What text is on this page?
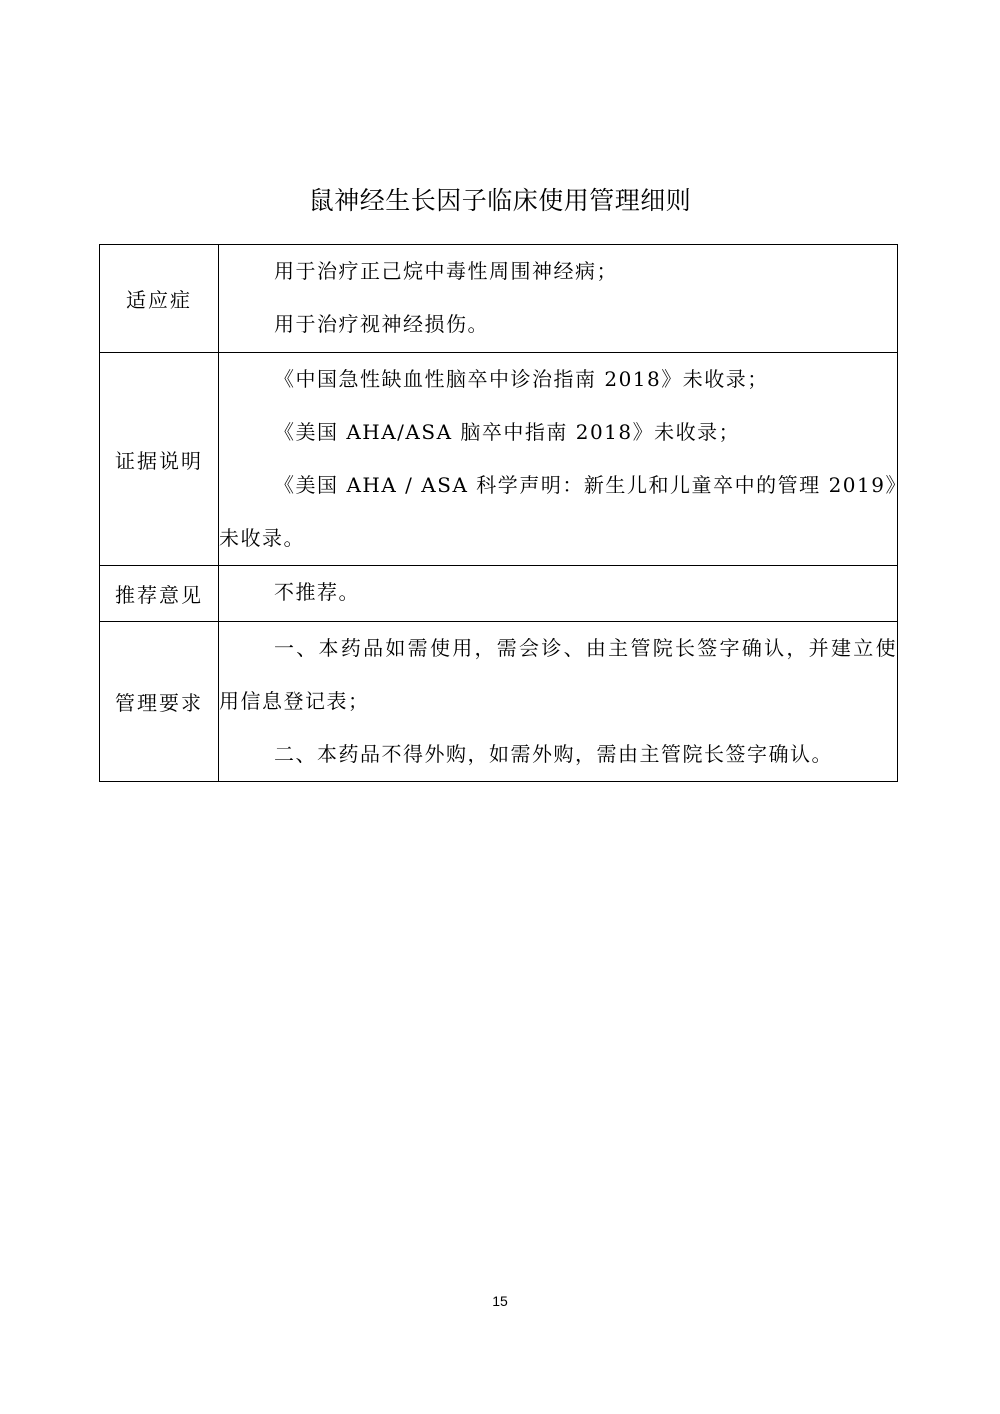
鼠神经生长因子临床使用管理细则
适应症	用于治疗正己烷中毒性周围神经病；
用于治疗视神经损伤。

证据说明	《中国急性缺血性脑卒中诊治指南 2018》未收录；
《美国 AHA/ASA 脑卒中指南 2018》未收录；
《美国 AHA / ASA 科学声明：新生儿和儿童卒中的管理 2019》未收录。

推荐意见	不推荐。

管理要求	一、本药品如需使用，需会诊、由主管院长签字确认，并建立使用信息登记表；
二、本药品不得外购，如需外购，需由主管院长签字确认。
15
